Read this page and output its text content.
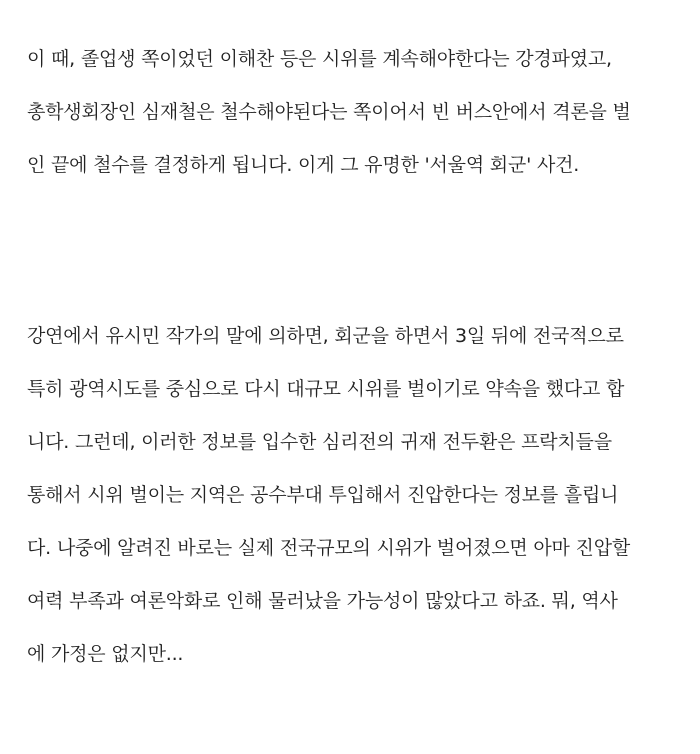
이 때, 졸업생 쪽이었던 이해찬 등은 시위를 계속해야한다는 강경파였고,
총학생회장인 심재철은 철수해야된다는 쪽이어서 빈 버스안에서 격론을 벌
인 끝에 철수를 결정하게 됩니다. 이게 그 유명한 '서울역 회군' 사건.

강연에서 유시민 작가의 말에 의하면, 회군을 하면서 3일 뒤에 전국적으로
특히 광역시도를 중심으로 다시 대규모 시위를 벌이기로 약속을 했다고 합
니다. 그런데, 이러한 정보를 입수한 심리전의 귀재 전두환은 프락치들을
통해서 시위 벌이는 지역은 공수부대 투입해서 진압한다는 정보를 흘립니
다. 나중에 알려진 바로는 실제 전국규모의 시위가 벌어졌으면 아마 진압할
여력 부족과 여론악화로 인해 물러났을 가능성이 많았다고 하죠. 뭐, 역사
에 가정은 없지만...
